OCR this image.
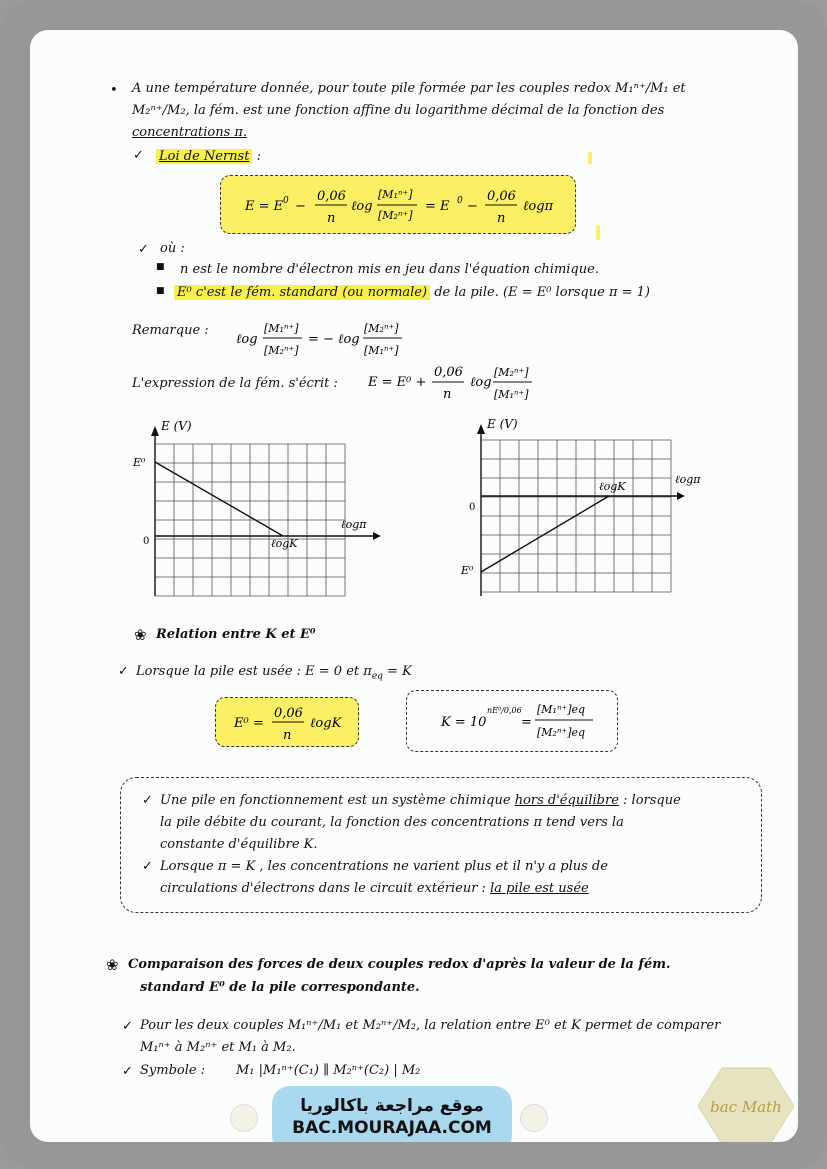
• A une température donnée, pour toute pile formée par les couples redox M₁ⁿ⁺/M₁ et
M₂ⁿ⁺/M₂, la fém. est une fonction affine du logarithme décimal de la fonction des
concentrations π.
✓ Loi de Nernst :
E = E 0 −
0,06
n
ℓog
[M₁ⁿ⁺]
[M₂ⁿ⁺]
= E 0 −
0,06
n
ℓogπ
✓ où :
■ n est le nombre d'électron mis en jeu dans l'équation chimique.
■ E⁰ c'est le fém. standard (ou normale) de la pile. (E = E⁰ lorsque π = 1)
Remarque :
ℓog
[M₁ⁿ⁺]
[M₂ⁿ⁺]
= − ℓog
[M₂ⁿ⁺]
[M₁ⁿ⁺]
L'expression de la fém. s'écrit : E = E⁰ +
0,06
n
ℓog
[M₂ⁿ⁺]
[M₁ⁿ⁺]
E (V)
E⁰
0	ℓogK
ℓogπ
E (V)
E⁰
0
ℓogK
ℓogπ
❀ Relation entre K et E⁰
✓ Lorsque la pile est usée : E = 0 et $\pi_{eq} = K$
E⁰ =
0,06
n
ℓogK	K = 10
nE⁰/0,06
=
[M₁ⁿ⁺]eq
[M₂ⁿ⁺]eq
✓ Une pile en fonctionnement est un système chimique hors d'équilibre : lorsque
la pile débite du courant, la fonction des concentrations π tend vers la
constante d'équilibre K.
✓ Lorsque π = K , les concentrations ne varient plus et il n'y a plus de
circulations d'électrons dans le circuit extérieur : la pile est usée
❀ Comparaison des forces de deux couples redox d'après la valeur de la fém.
standard E⁰ de la pile correspondante.
✓ Pour les deux couples M₁ⁿ⁺/M₁ et M₂ⁿ⁺/M₂, la relation entre E⁰ et K permet de comparer
M₁ⁿ⁺ à M₂ⁿ⁺ et M₁ à M₂.
✓ Symbole : M₁ |M₁ⁿ⁺(C₁) ∥ M₂ⁿ⁺(C₂) | M₂
موقع مراجعة باكالوريا
BAC.MOURAJAA.COM
bac Math
